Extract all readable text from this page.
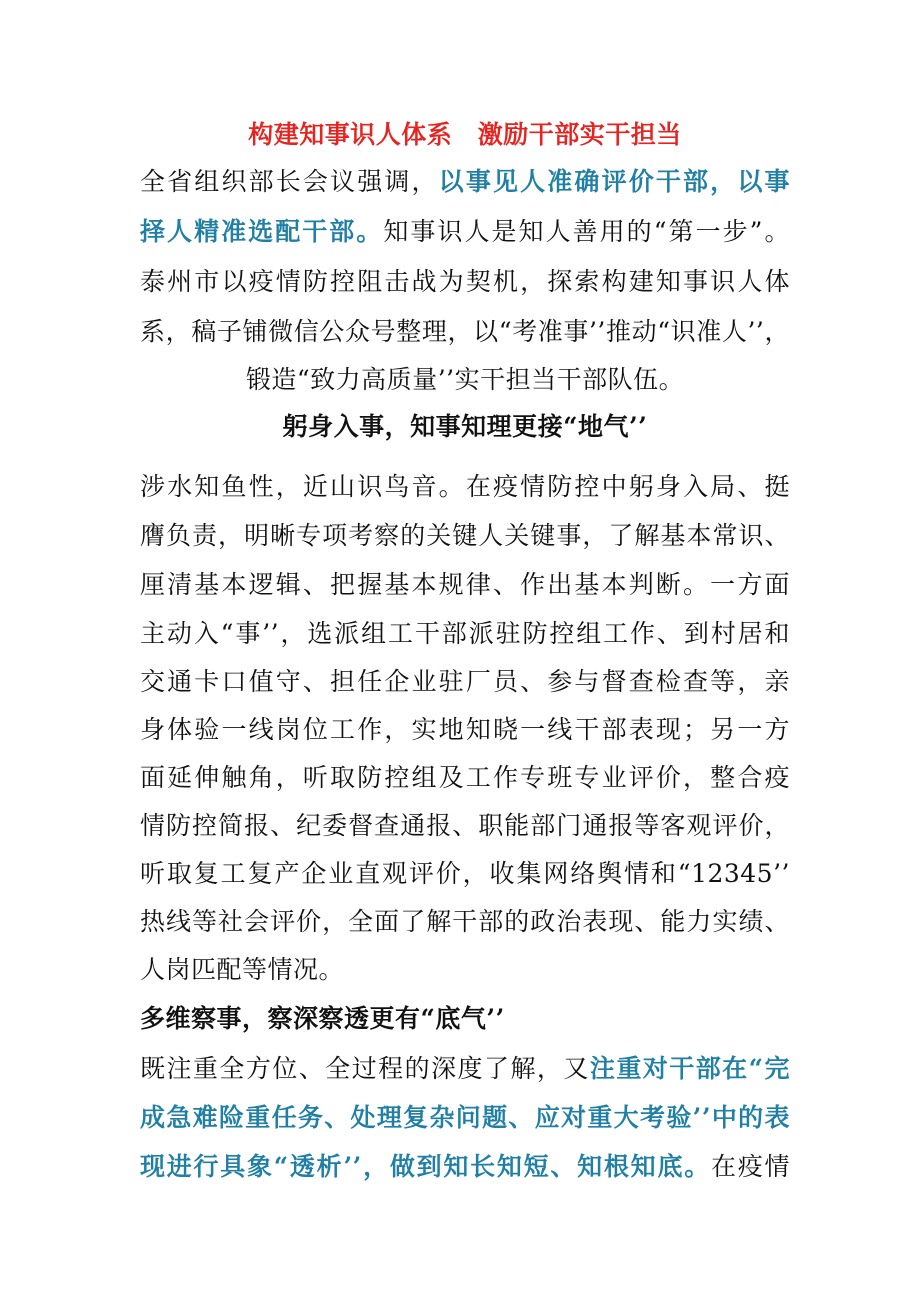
构建知事识人体系　激励干部实干担当
全省组织部长会议强调，以事见人准确评价干部，以事
择人精准选配干部。知事识人是知人善用的“第一步”。
泰州市以疫情防控阻击战为契机，探索构建知事识人体
系，稿子铺微信公众号整理，以“考准事’’推动“识准人’’，
锻造“致力高质量’’实干担当干部队伍。
躬身入事，知事知理更接“地气’’
涉水知鱼性，近山识鸟音。在疫情防控中躬身入局、挺
膺负责，明晰专项考察的关键人关键事，了解基本常识、
厘清基本逻辑、把握基本规律、作出基本判断。一方面
主动入“事’’，选派组工干部派驻防控组工作、到村居和
交通卡口值守、担任企业驻厂员、参与督查检查等，亲
身体验一线岗位工作，实地知晓一线干部表现；另一方
面延伸触角，听取防控组及工作专班专业评价，整合疫
情防控简报、纪委督查通报、职能部门通报等客观评价，
听取复工复产企业直观评价，收集网络舆情和“12345’’
热线等社会评价，全面了解干部的政治表现、能力实绩、
人岗匹配等情况。
多维察事，察深察透更有“底气’’
既注重全方位、全过程的深度了解，又注重对干部在“完
成急难险重任务、处理复杂问题、应对重大考验’’中的表
现进行具象“透析’’，做到知长知短、知根知底。在疫情
